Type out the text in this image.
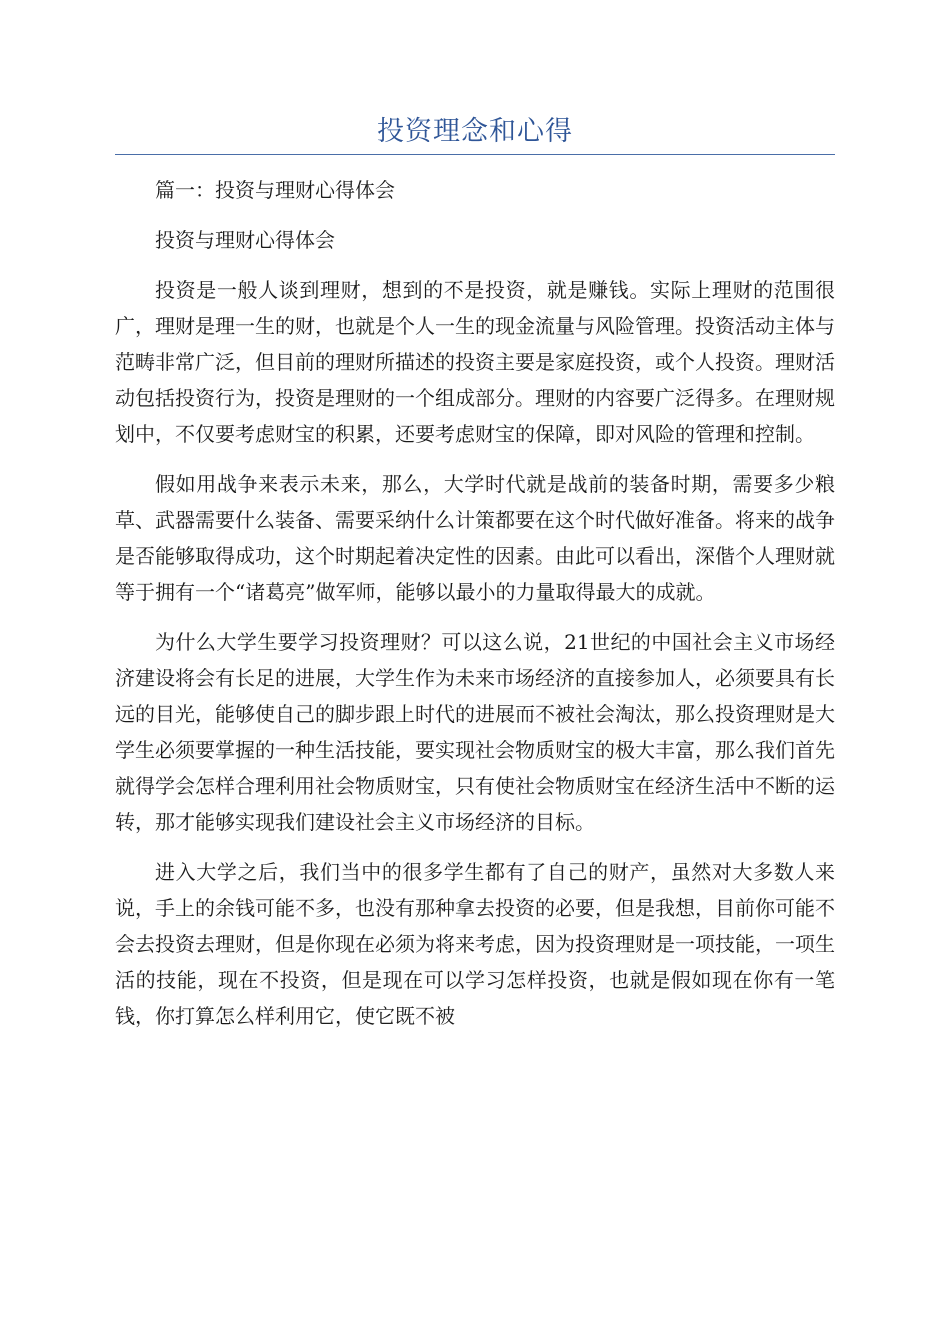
投资理念和心得

篇一：投资与理财心得体会

投资与理财心得体会

投资是一般人谈到理财，想到的不是投资，就是赚钱。实际上理财的范围很广，理财是理一生的财，也就是个人一生的现金流量与风险管理。投资活动主体与范畴非常广泛，但目前的理财所描述的投资主要是家庭投资，或个人投资。理财活动包括投资行为，投资是理财的一个组成部分。理财的内容要广泛得多。在理财规划中，不仅要考虑财宝的积累，还要考虑财宝的保障，即对风险的管理和控制。

假如用战争来表示未来，那么，大学时代就是战前的装备时期，需要多少粮草、武器需要什么装备、需要采纳什么计策都要在这个时代做好准备。将来的战争是否能够取得成功，这个时期起着决定性的因素。由此可以看出，深偕个人理财就等于拥有一个“诸葛亮”做军师，能够以最小的力量取得最大的成就。

为什么大学生要学习投资理财？可以这么说，21世纪的中国社会主义市场经济建设将会有长足的进展，大学生作为未来市场经济的直接参加人，必须要具有长远的目光，能够使自己的脚步跟上时代的进展而不被社会淘汰，那么投资理财是大学生必须要掌握的一种生活技能，要实现社会物质财宝的极大丰富，那么我们首先就得学会怎样合理利用社会物质财宝，只有使社会物质财宝在经济生活中不断的运转，那才能够实现我们建设社会主义市场经济的目标。

进入大学之后，我们当中的很多学生都有了自己的财产，虽然对大多数人来说，手上的余钱可能不多，也没有那种拿去投资的必要，但是我想，目前你可能不会去投资去理财，但是你现在必须为将来考虑，因为投资理财是一项技能，一项生活的技能，现在不投资，但是现在可以学习怎样投资，也就是假如现在你有一笔钱，你打算怎么样利用它，使它既不被
